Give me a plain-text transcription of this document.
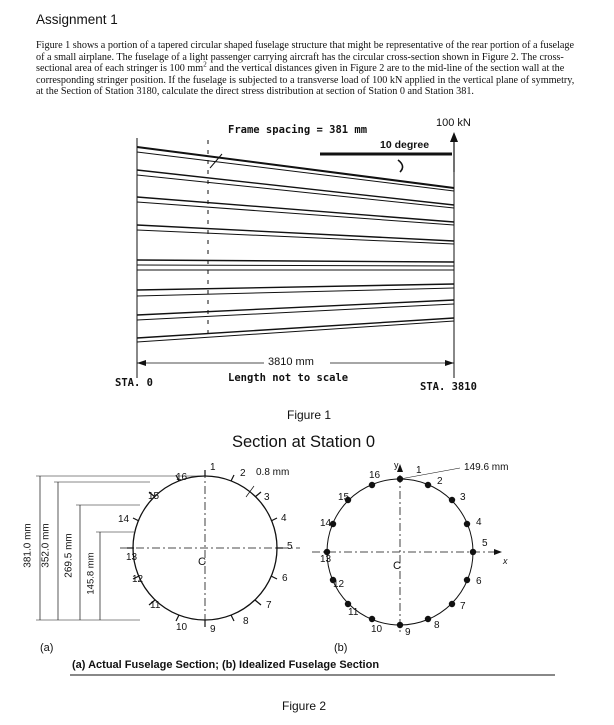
Assignment 1
Figure 1 shows a portion of a tapered circular shaped fuselage structure that might be representative of the rear portion of a fuselage of a small airplane. The fuselage of a light passenger carrying aircraft has the circular cross-section shown in Figure 2. The cross-sectional area of each stringer is 100 $mm^2$ and the vertical distances given in Figure 2 are to the mid-line of the section wall at the corresponding stringer position. If the fuselage is subjected to a transverse load of 100 kN applied in the vertical plane of symmetry, at the Section of Station 3180, calculate the direct stress distribution at section of Station 0 and Station 381.
Frame spacing = 381 mm
100 kN
10 degree
3810 mm
Length not to scale
STA. 0	STA. 3810
Figure 1
Section at Station 0
381.0 mm 352.0 mm 269.5 mm 145.8 mm
0.8 mm
C	C
y
x
149.6 mm
1
2
3
4
5
6
7
8
9
10
11
12
13
14
15
16
1
2
3
4
5
6
7
8
9
10
11
12
13
14
15
16
(a)	(b)
(a) Actual Fuselage Section; (b) Idealized Fuselage Section
Figure 2
